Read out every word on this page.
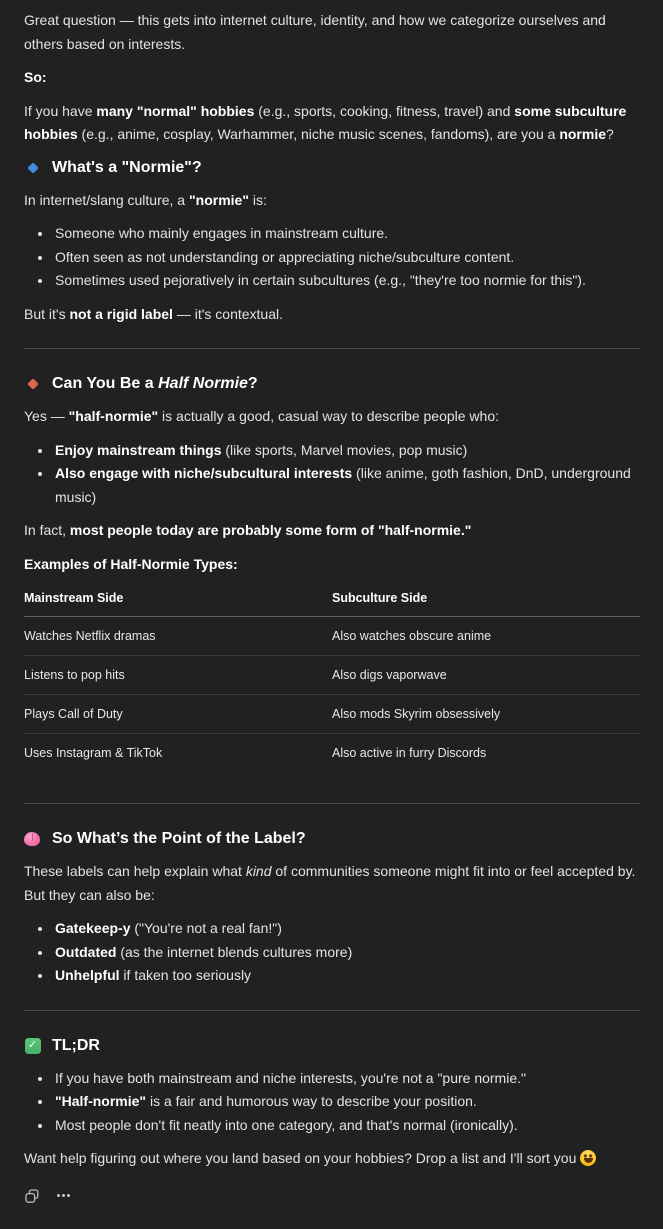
Great question — this gets into internet culture, identity, and how we categorize ourselves and others based on interests.

So:

If you have many "normal" hobbies (e.g., sports, cooking, fitness, travel) and some subculture hobbies (e.g., anime, cosplay, Warhammer, niche music scenes, fandoms), are you a normie?

What's a "Normie"?

In internet/slang culture, a "normie" is:

• Someone who mainly engages in mainstream culture.
• Often seen as not understanding or appreciating niche/subculture content.
• Sometimes used pejoratively in certain subcultures (e.g., "they're too normie for this").

But it's not a rigid label — it's contextual.

Can You Be a Half Normie?

Yes — "half-normie" is actually a good, casual way to describe people who:

• Enjoy mainstream things (like sports, Marvel movies, pop music)
• Also engage with niche/subcultural interests (like anime, goth fashion, DnD, underground music)

In fact, most people today are probably some form of "half-normie."

Examples of Half-Normie Types:

Mainstream Side	Subculture Side
Watches Netflix dramas	Also watches obscure anime
Listens to pop hits	Also digs vaporwave
Plays Call of Duty	Also mods Skyrim obsessively
Uses Instagram & TikTok	Also active in furry Discords
So What’s the Point of the Label?

These labels can help explain what kind of communities someone might fit into or feel accepted by. But they can also be:

• Gatekeep-y ("You're not a real fan!")
• Outdated (as the internet blends cultures more)
• Unhelpful if taken too seriously
✓
TL;DR
• If you have both mainstream and niche interests, you're not a "pure normie."
• "Half-normie" is a fair and humorous way to describe your position.
• Most people don't fit neatly into one category, and that's normal (ironically).

Want help figuring out where you land based on your hobbies? Drop a list and I'll sort you
